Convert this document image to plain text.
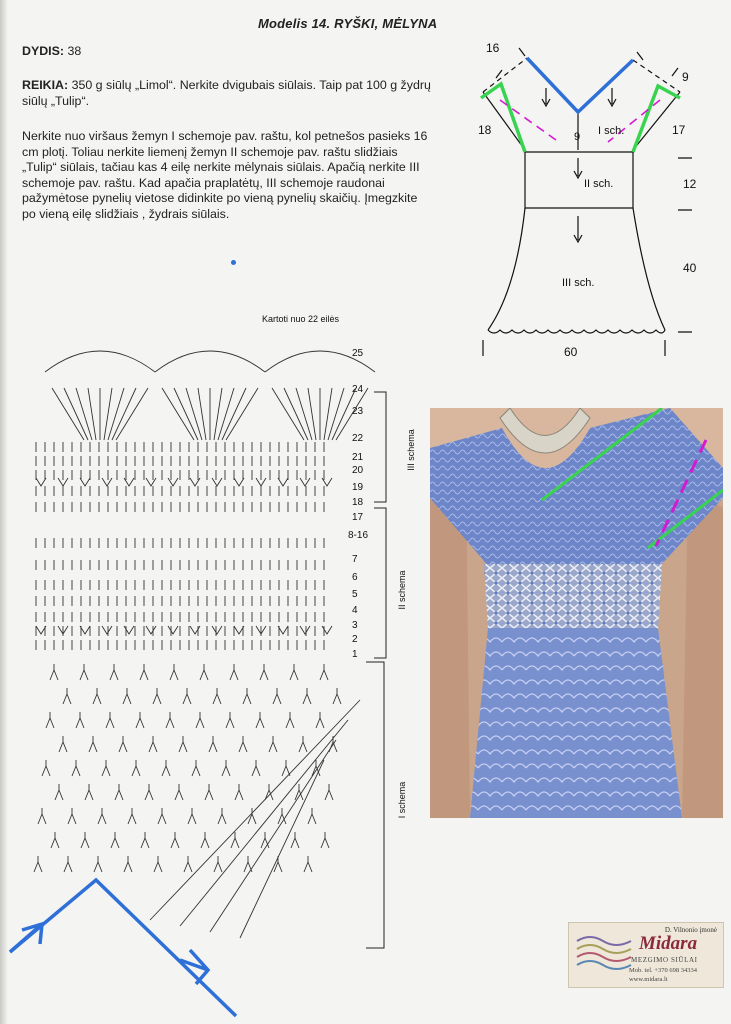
Modelis 14. RYŠKI, MĖLYNA

DYDIS: 38

REIKIA: 350 g siūlų „Limol“. Nerkite dvigubais siūlais. Taip pat 100 g žydrų siūlų „Tulip“.

Nerkite nuo viršaus žemyn I schemoje pav. raštu, kol petnešos pasieks 16 cm plotį. Toliau nerkite liemenį žemyn II schemoje pav. raštu slidžiais „Tulip“ siūlais, tačiau kas 4 eilę nerkite mėlynais siūlais. Apačią nerkite III schemoje pav. raštu. Kad apačia praplatėtų, III schemoje raudonai pažymėtose pynelių vietose didinkite po vieną pynelių skaičių. Įmegzkite po vieną eilę slidžiais , žydrais siūlais.

16
9
18	17
9
12
40
60
I sch.
II sch.
III sch.
Kartoti nuo 22 eilės
25
24
23
22
21
20
19
18
17
8-16
7
6
5
4
3
2
1
III schema
II schema
I schema
D. Vilnonio įmonė
Midara
MEZGIMO SIŪLAI
Mob. tel. +370 698 34334
www.midara.lt
